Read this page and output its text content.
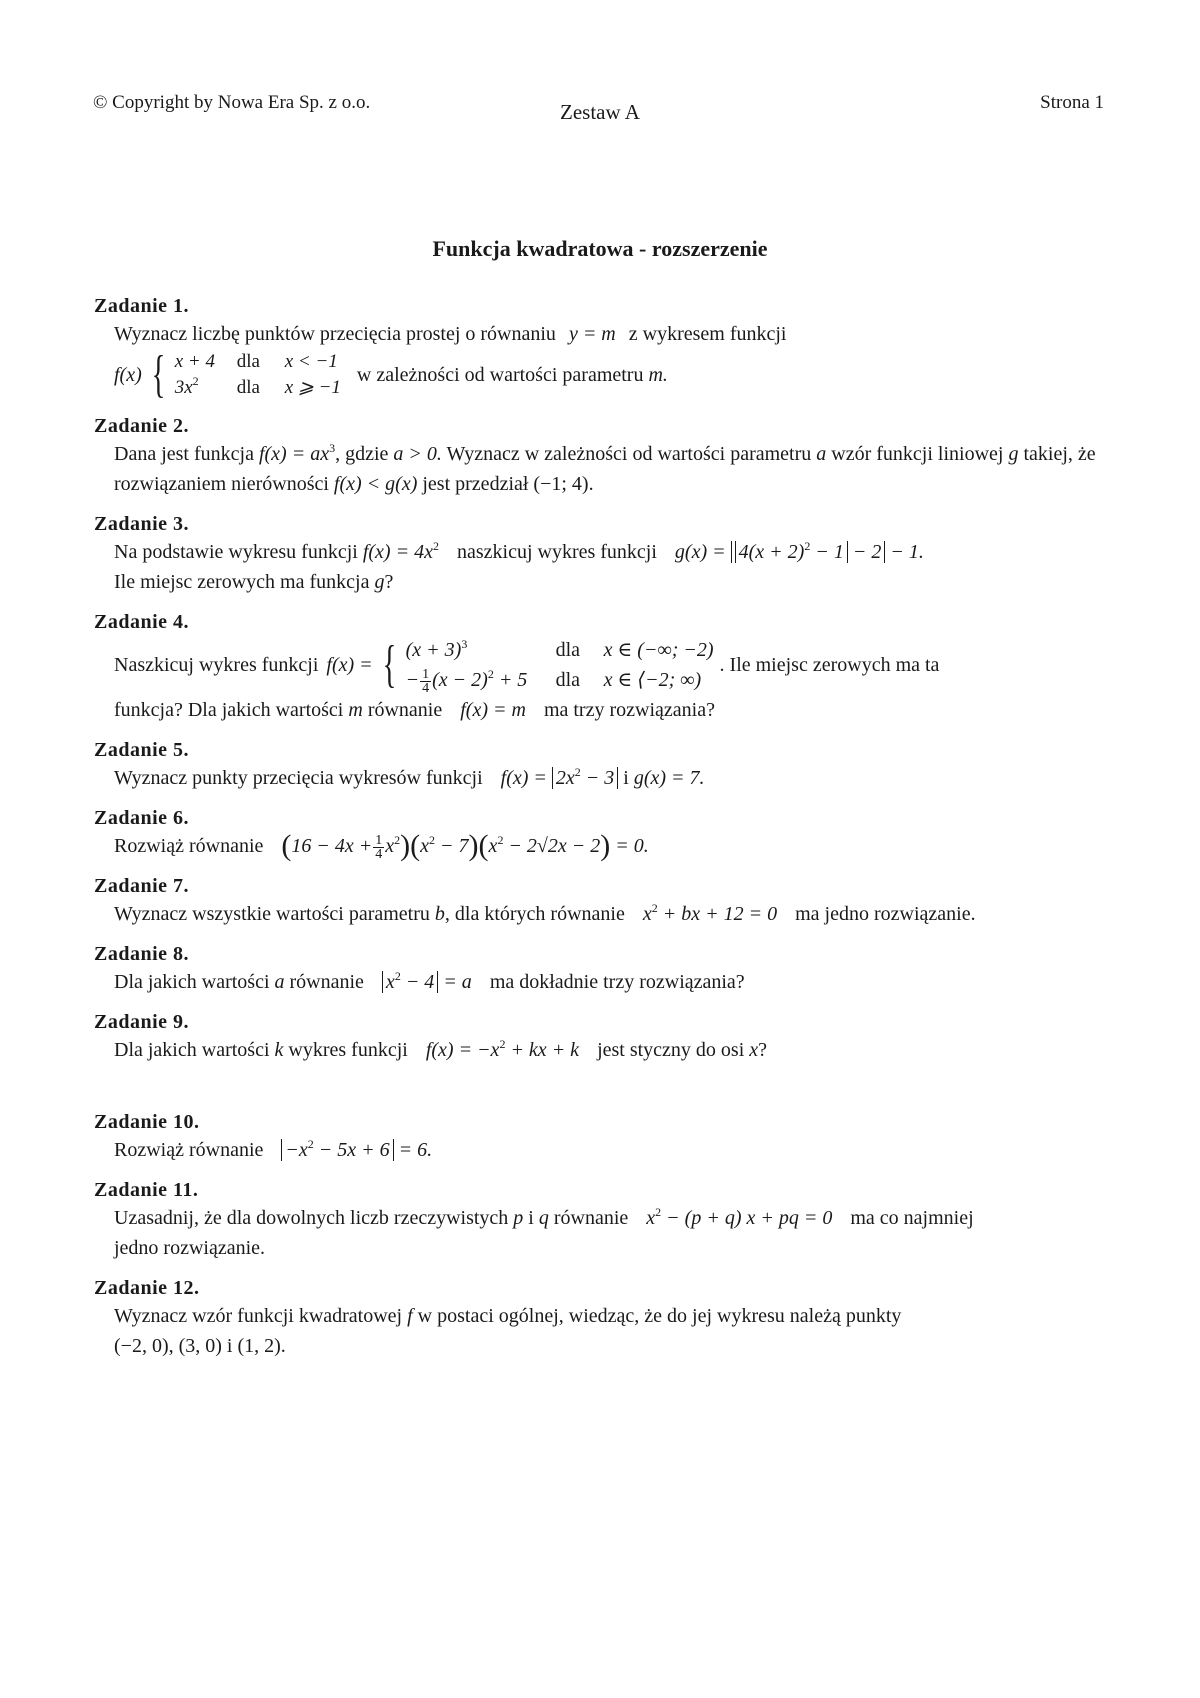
© Copyright by Nowa Era Sp. z o.o.	Zestaw A	Strona 1
Funkcja kwadratowa - rozszerzenie
Zadanie 1.
Wyznacz liczbę punktów przecięcia prostej o równaniu y = m z wykresem funkcji
f(x) { x + 4	dla	x < −1
$3x^2$	dla	x ⩾ −1
w zależności od wartości parametru
m.
Zadanie 2.
Dana jest funkcja $f(x) = ax^3$, gdzie a > 0. Wyznacz w zależności od wartości parametru a wzór funkcji liniowej g takiej, że rozwiązaniem nierówności f(x) < g(x) jest przedział (−1; 4).
Zadanie 3.
Na podstawie wykresu funkcji $f(x) = 4x^2$ naszkicuj wykres funkcji $g(x) = 4(x + 2)^2 - 1 - 2 - 1$.
Ile miejsc zerowych ma funkcja g?
Zadanie 4.
Naszkicuj wykres funkcji f(x) = { $(x + 3)^3$	dla	x ∈ (−∞; −2)
− $\frac{1}{4} (x - 2)^2 + 5$	dla	x ∈ ⟨−2; ∞)
. Ile miejsc zerowych ma ta
funkcja? Dla jakich wartości m równanie f(x) = m ma trzy rozwiązania?
Zadanie 5.
Wyznacz punkty przecięcia wykresów funkcji $f(x) = 2x^2 - 3$ i g(x) = 7.
Zadanie 6.
Rozwiąż równanie $(16 - 4x + \frac{1}{4} x^2)(x^2 - 7)(x^2 - 2√2x - 2) = 0$.
Zadanie 7.
Wyznacz wszystkie wartości parametru b, dla których równanie $x^2$ + bx + 12 = 0 ma jedno rozwiązanie.
Zadanie 8.
Dla jakich wartości a równanie $x^2 - 4 = a$ ma dokładnie trzy rozwiązania?
Zadanie 9.
Dla jakich wartości k wykres funkcji $f(x) = -x^2$ + kx + k jest styczny do osi x?
Zadanie 10.
Rozwiąż równanie $-x^2 - 5x + 6 = 6$.
Zadanie 11.
Uzasadnij, że dla dowolnych liczb rzeczywistych p i q równanie $x^2 - (p + q) x$ + pq = 0 ma co najmniej
jedno rozwiązanie.
Zadanie 12.
Wyznacz wzór funkcji kwadratowej f w postaci ogólnej, wiedząc, że do jej wykresu należą punkty
(−2, 0), (3, 0) i (1, 2).
